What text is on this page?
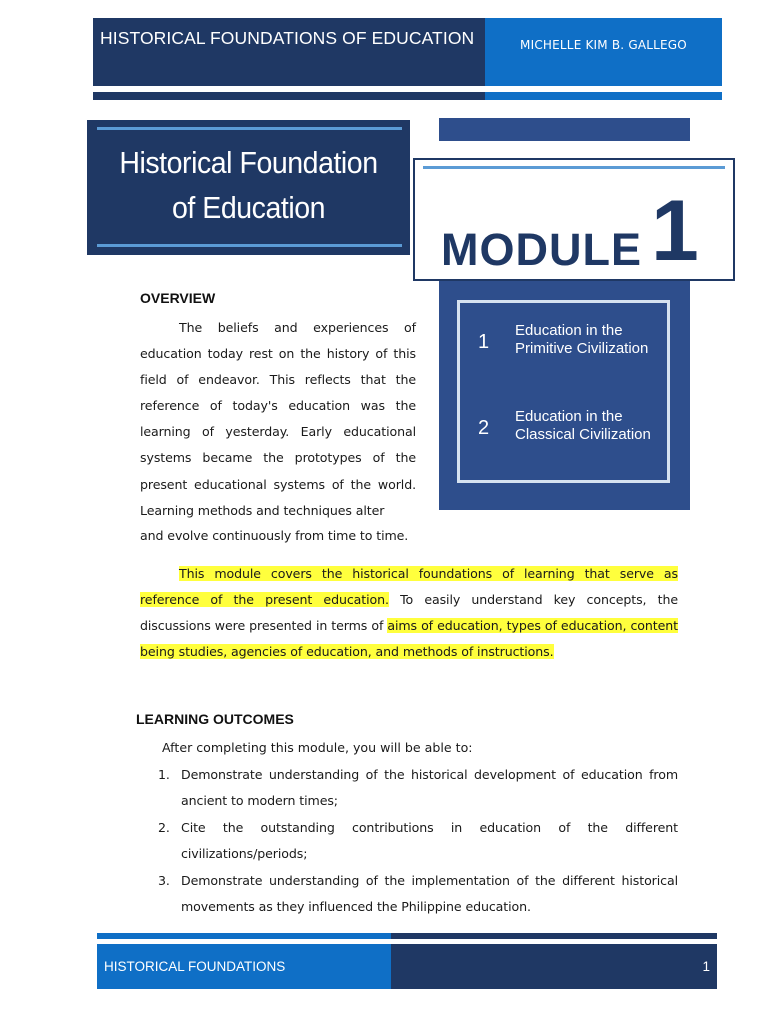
HISTORICAL FOUNDATIONS OF EDUCATION	MICHELLE KIM B. GALLEGO
Historical Foundation
of Education
MODULE 1
1
Education in the Primitive Civilization
2
Education in the Classical Civilization
OVERVIEW
The beliefs and experiences of education today rest on the history of this field of endeavor. This reflects that the reference of today's education was the learning of yesterday. Early educational systems became the prototypes of the present educational systems of the world. Learning methods and techniques alter
and evolve continuously from time to time.
This module covers the historical foundations of learning that serve as reference of the present education. To easily understand key concepts, the discussions were presented in terms of aims of education, types of education, content being studies, agencies of education, and methods of instructions.
LEARNING OUTCOMES
After completing this module, you will be able to:
1. Demonstrate understanding of the historical development of education from ancient to modern times;
2. Cite the outstanding contributions in education of the different civilizations/periods;
3. Demonstrate understanding of the implementation of the different historical movements as they influenced the Philippine education.
HISTORICAL FOUNDATIONS	1
